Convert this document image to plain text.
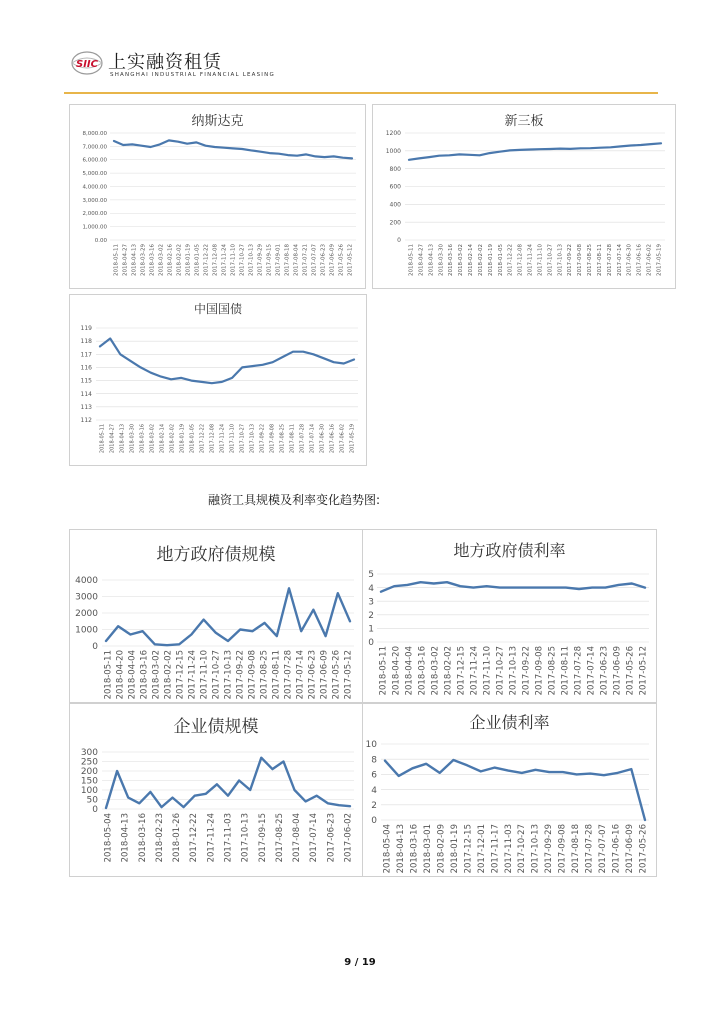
SIIC 上实融资租赁
SHANGHAI INDUSTRIAL FINANCIAL LEASING
纳斯达克
0.00
1,000.00
2,000.00
3,000.00
4,000.00
5,000.00
6,000.00
7,000.00
8,000.00
2018-05-11 2018-04-27 2018-04-13 2018-03-29 2018-03-16 2018-03-02 2018-02-16 2018-02-02 2018-01-19 2018-01-05 2017-12-22 2017-12-08 2017-11-24 2017-11-10 2017-10-27 2017-10-13 2017-09-29 2017-09-15 2017-09-01 2017-08-18 2017-08-04 2017-07-21 2017-07-07 2017-06-23 2017-06-09 2017-05-26 2017-05-12
新三板
0
200
400
600
800
1000
1200
2018-05-11 2018-04-27 2018-04-13 2018-03-30 2018-03-16 2018-03-02 2018-02-14 2018-02-02 2018-01-19 2018-01-05 2017-12-22 2017-12-08 2017-11-24 2017-11-10 2017-10-27 2017-10-13 2017-09-22 2017-09-08 2017-08-25 2017-08-11 2017-07-28 2017-07-14 2017-06-30 2017-06-16 2017-06-02 2017-05-19
中国国债
112
113
114
115
116
117
118
119
2018-05-11 2018-04-27 2018-04-13 2018-03-30 2018-03-16 2018-03-02 2018-02-14 2018-02-02 2018-01-19 2018-01-05 2017-12-22 2017-12-08 2017-11-24 2017-11-10 2017-10-27 2017-10-13 2017-09-22 2017-09-08 2017-08-25 2017-08-11 2017-07-28 2017-07-14 2017-06-30 2017-06-16 2017-06-02 2017-05-19
融资工具规模及利率变化趋势图:
地方政府债规模
0
1000
2000
3000
4000
2018-05-11 2018-04-20 2018-04-04 2018-03-16 2018-03-02 2018-02-02 2017-12-15 2017-11-24 2017-11-10 2017-10-27 2017-10-13 2017-09-22 2017-09-08 2017-08-25 2017-08-11 2017-07-28 2017-07-14 2017-06-23 2017-06-09 2017-05-26 2017-05-12
地方政府债利率
0
1
2
3
4
5
2018-05-11 2018-04-20 2018-04-04 2018-03-16 2018-03-02 2018-02-02 2017-12-15 2017-11-24 2017-11-10 2017-10-27 2017-10-13 2017-09-22 2017-09-08 2017-08-25 2017-08-11 2017-07-28 2017-07-14 2017-06-23 2017-06-09 2017-05-26 2017-05-12
企业债规模
0
50
100
150
200
250
300
2018-05-04 2018-04-13 2018-03-16 2018-02-23 2018-01-26 2017-12-22 2017-11-24 2017-11-03 2017-10-13 2017-09-15 2017-08-25 2017-08-04 2017-07-14 2017-06-23 2017-06-02
企业债利率
0
2
4
6
8
10
2018-05-04 2018-04-13 2018-03-16 2018-03-01 2018-02-09 2018-01-19 2017-12-15 2017-12-01 2017-11-17 2017-11-03 2017-10-27 2017-10-13 2017-09-29 2017-09-08 2017-08-18 2017-07-28 2017-07-07 2017-06-16 2017-06-09 2017-05-26
9 / 19
